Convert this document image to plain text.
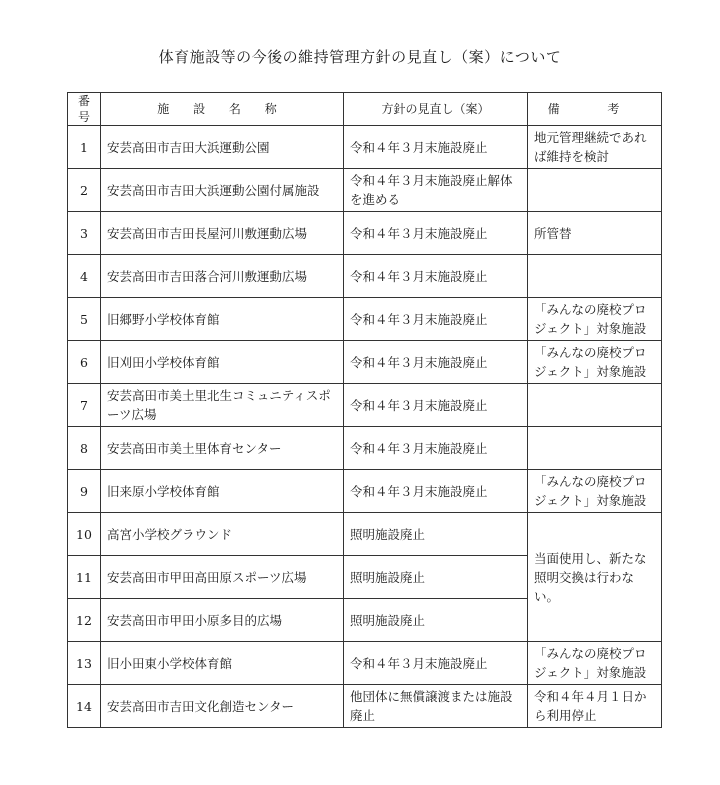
体育施設等の今後の維持管理方針の見直し（案）について
番号	施 設 名 称	方針の見直し（案）	備 考
1	安芸高田市吉田大浜運動公園	令和４年３月末施設廃止	地元管理継続であれば維持を検討
2	安芸高田市吉田大浜運動公園付属施設	令和４年３月末施設廃止解体を進める	
3	安芸高田市吉田長屋河川敷運動広場	令和４年３月末施設廃止	所管替
4	安芸高田市吉田落合河川敷運動広場	令和４年３月末施設廃止	
5	旧郷野小学校体育館	令和４年３月末施設廃止	「みんなの廃校プロジェクト」対象施設
6	旧刈田小学校体育館	令和４年３月末施設廃止	「みんなの廃校プロジェクト」対象施設
7	安芸高田市美土里北生コミュニティスポーツ広場	令和４年３月末施設廃止	
8	安芸高田市美土里体育センター	令和４年３月末施設廃止	
9	旧来原小学校体育館	令和４年３月末施設廃止	「みんなの廃校プロジェクト」対象施設
10	高宮小学校グラウンド	照明施設廃止	当面使用し、新たな照明交換は行わない。
11	安芸高田市甲田高田原スポーツ広場	照明施設廃止	
12	安芸高田市甲田小原多目的広場	照明施設廃止	
13	旧小田東小学校体育館	令和４年３月末施設廃止	「みんなの廃校プロジェクト」対象施設
14	安芸高田市吉田文化創造センター	他団体に無償譲渡または施設廃止	令和４年４月１日から利用停止
